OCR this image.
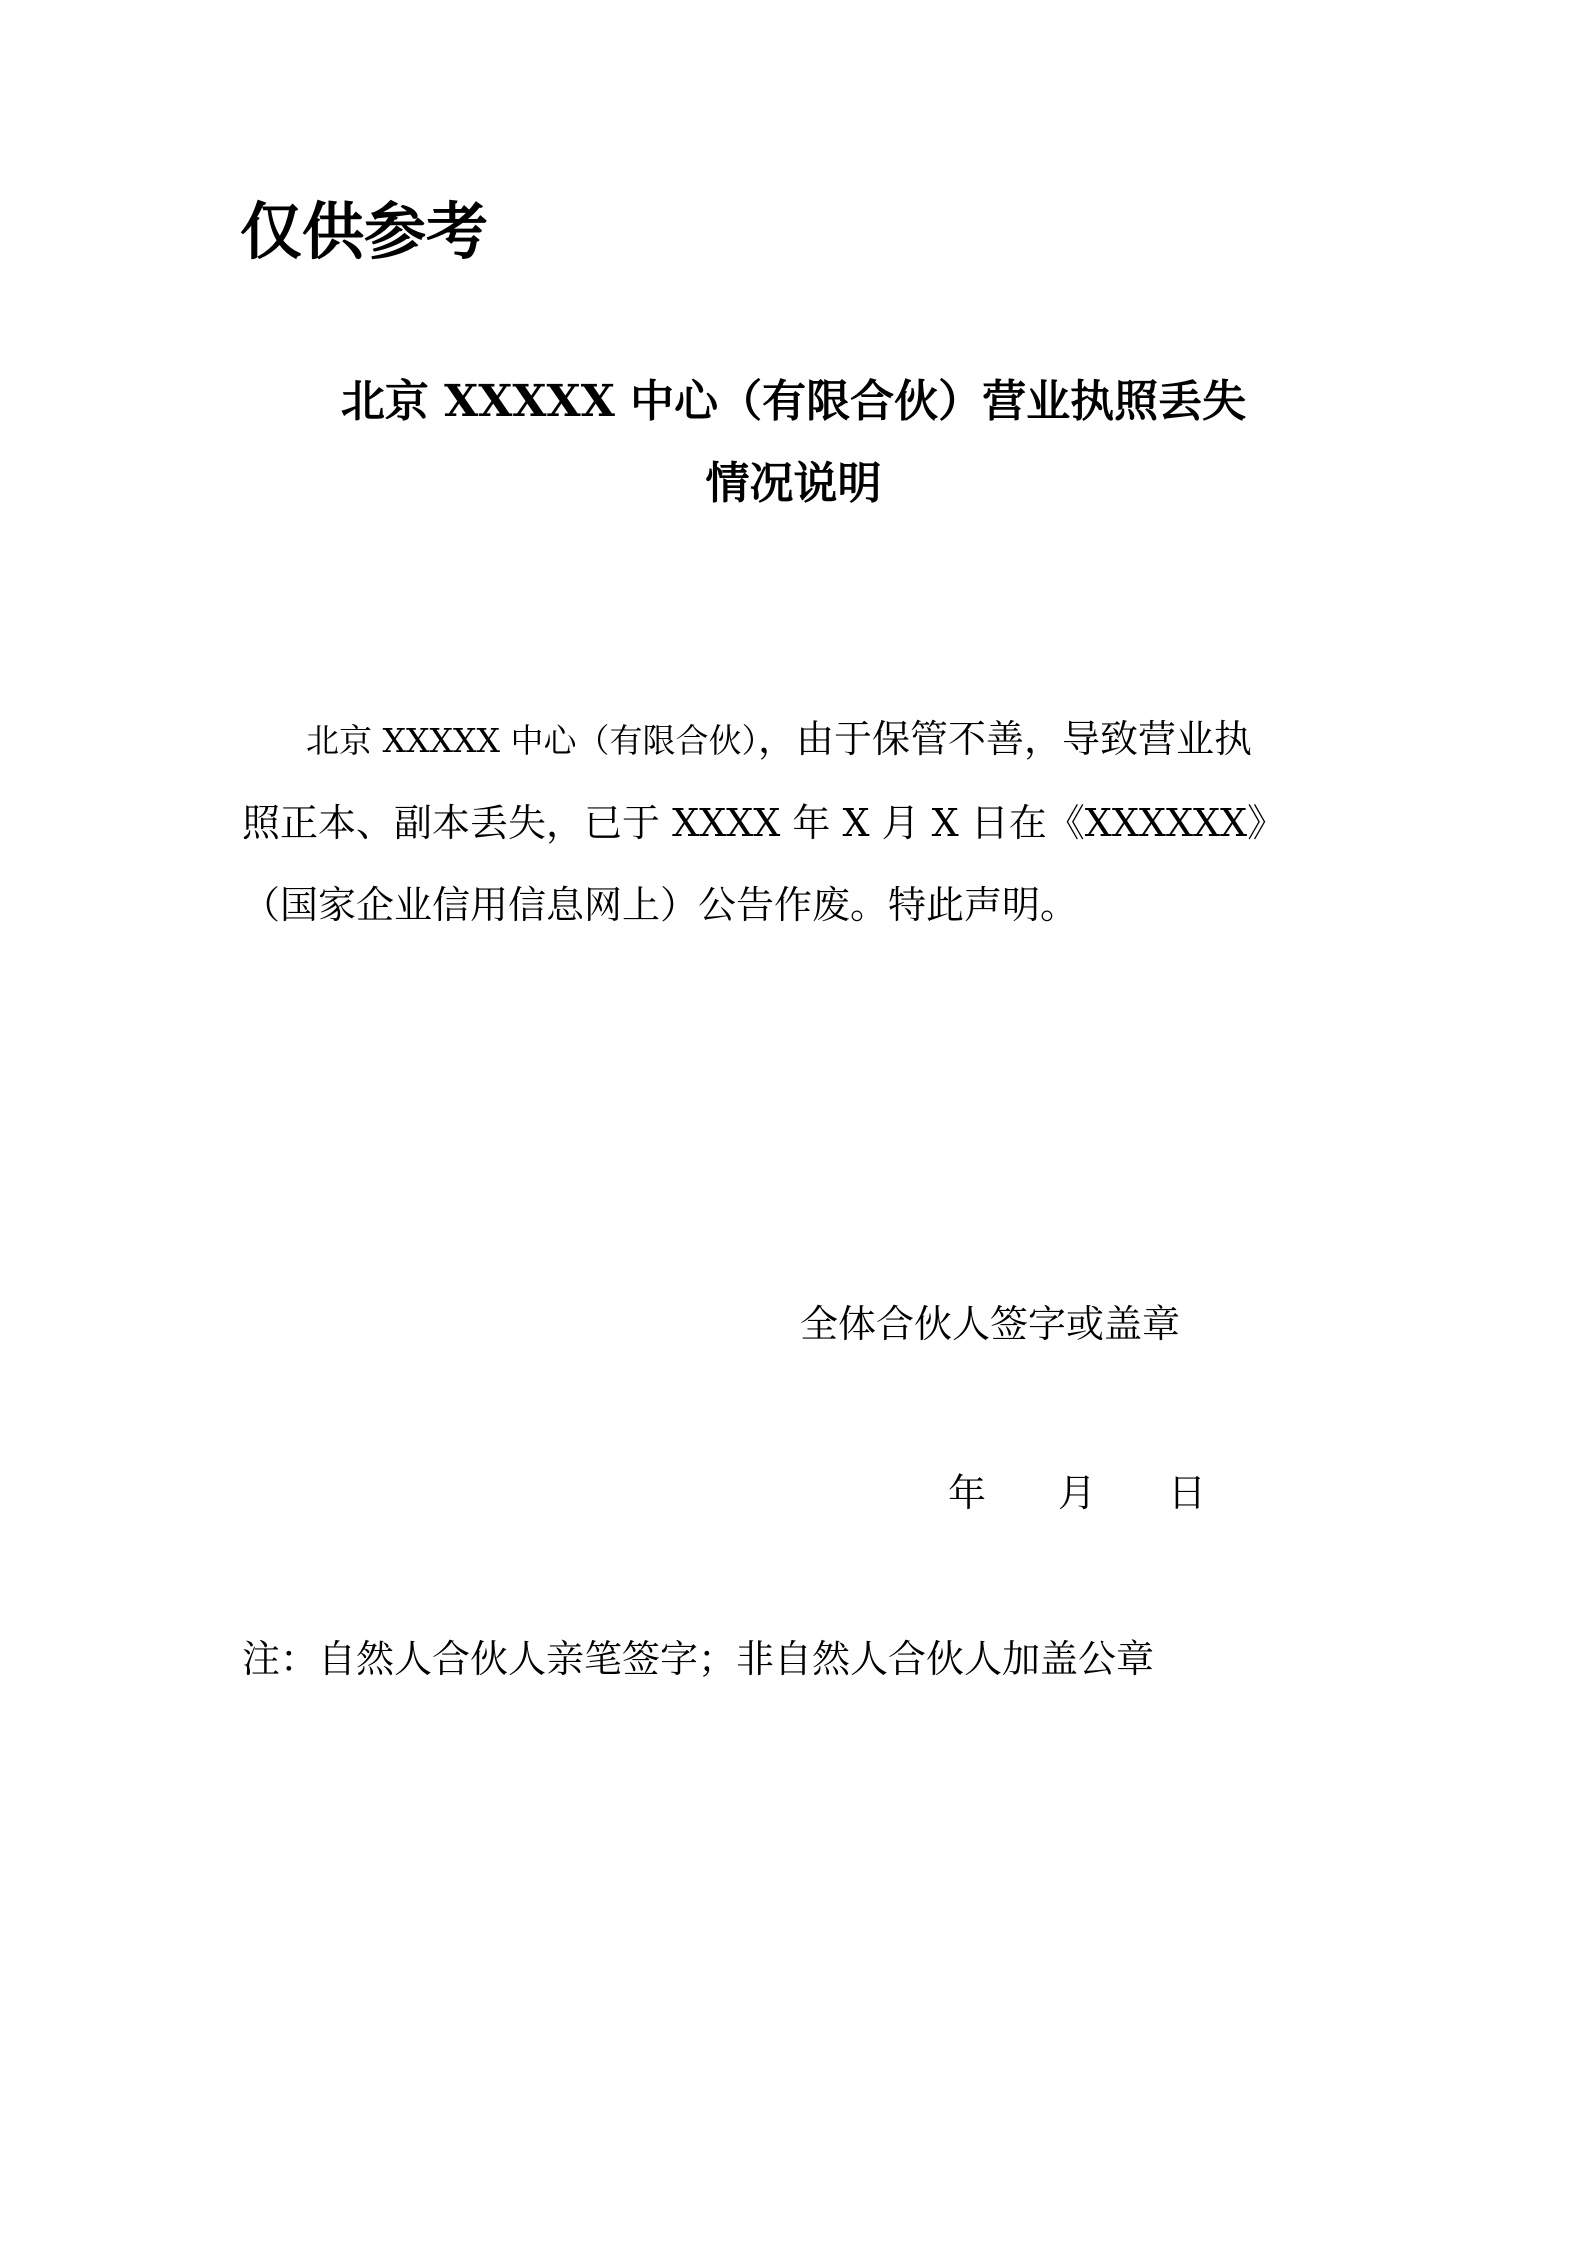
仅供参考
北京 XXXXX 中心（有限合伙）营业执照丢失
情况说明
北京 XXXXX 中心（有限合伙），由于保管不善，导致营业执
照正本、副本丢失，已于 XXXX 年 X 月 X 日在《XXXXXX》
（国家企业信用信息网上）公告作废。特此声明。
全体合伙人签字或盖章
年 月 日
注：自然人合伙人亲笔签字；非自然人合伙人加盖公章
